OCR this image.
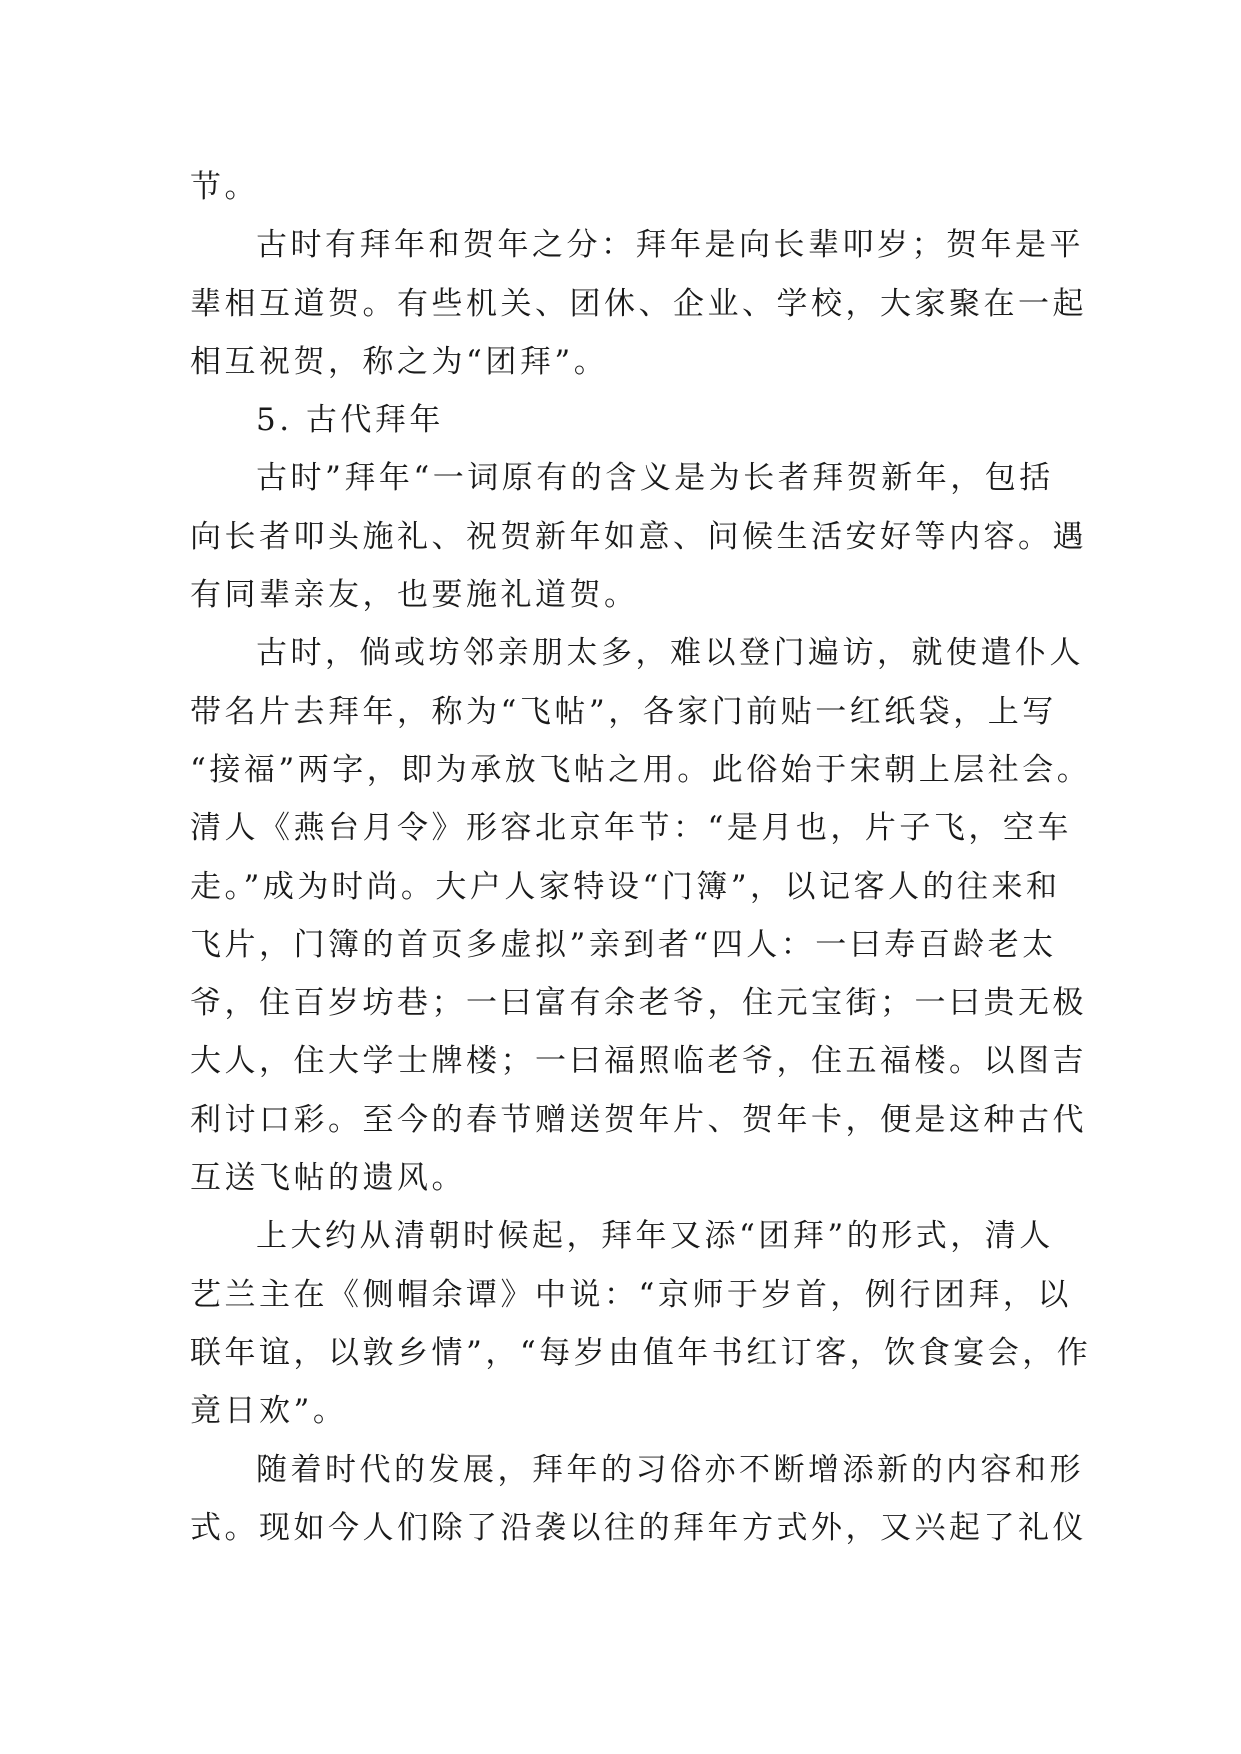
节。
古时有拜年和贺年之分：拜年是向长辈叩岁；贺年是平
辈相互道贺。有些机关、团休、企业、学校，大家聚在一起
相互祝贺，称之为“团拜”。
5. 古代拜年
古时”拜年“一词原有的含义是为长者拜贺新年，包括
向长者叩头施礼、祝贺新年如意、问候生活安好等内容。遇
有同辈亲友，也要施礼道贺。
古时，倘或坊邻亲朋太多，难以登门遍访，就使遣仆人
带名片去拜年，称为“飞帖”，各家门前贴一红纸袋，上写
“接福”两字，即为承放飞帖之用。此俗始于宋朝上层社会。
清人《燕台月令》形容北京年节：“是月也，片子飞，空车
走。”成为时尚。大户人家特设“门簿”，以记客人的往来和
飞片，门簿的首页多虚拟”亲到者“四人：一曰寿百龄老太
爷，住百岁坊巷；一曰富有余老爷，住元宝街；一曰贵无极
大人，住大学士牌楼；一曰福照临老爷，住五福楼。以图吉
利讨口彩。至今的春节赠送贺年片、贺年卡，便是这种古代
互送飞帖的遗风。
上大约从清朝时候起，拜年又添“团拜”的形式，清人
艺兰主在《侧帽余谭》中说：“京师于岁首，例行团拜，以
联年谊，以敦乡情”，“每岁由值年书红订客，饮食宴会，作
竟日欢”。
随着时代的发展，拜年的习俗亦不断增添新的内容和形
式。现如今人们除了沿袭以往的拜年方式外，又兴起了礼仪
